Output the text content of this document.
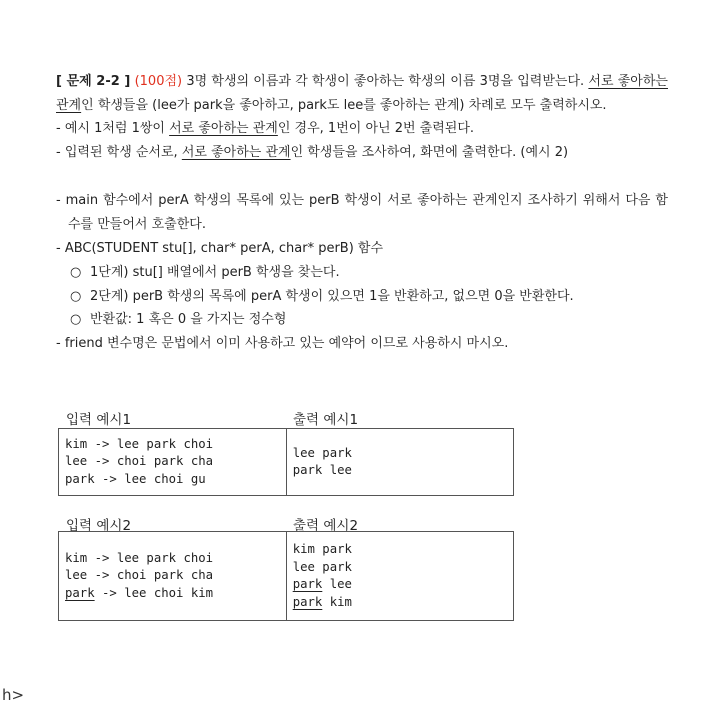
[ 문제 2-2 ] (100점) 3명 학생의 이름과 각 학생이 좋아하는 학생의 이름 3명을 입력받는다. 서로 좋아하는 관계인 학생들을 (lee가 park을 좋아하고, park도 lee를 좋아하는 관계) 차례로 모두 출력하시오.

- 예시 1처럼 1쌍이 서로 좋아하는 관계인 경우, 1번이 아닌 2번 출력된다.

- 입력된 학생 순서로, 서로 좋아하는 관계인 학생들을 조사하여, 화면에 출력한다. (예시 2)

- main 함수에서 perA 학생의 목록에 있는 perB 학생이 서로 좋아하는 관계인지 조사하기 위해서 다음 함수를 만들어서 호출한다.

- ABC(STUDENT stu[], char* perA, char* perB) 함수

○ 1단계) stu[] 배열에서 perB 학생을 찾는다.

○ 2단계) perB 학생의 목록에 perA 학생이 있으면 1을 반환하고, 없으면 0을 반환한다.

○ 반환값: 1 혹은 0 을 가지는 정수형

- friend 변수명은 문법에서 이미 사용하고 있는 예약어 이므로 사용하시 마시오.

입력 예시1	출력 예시1
kim -> lee park choi
lee -> choi park cha
park -> lee choi gu

lee park
park lee
입력 예시2	출력 예시2
kim -> lee park choi
lee -> choi park cha
park -> lee choi kim

kim park
lee park
park lee
park kim
h>
